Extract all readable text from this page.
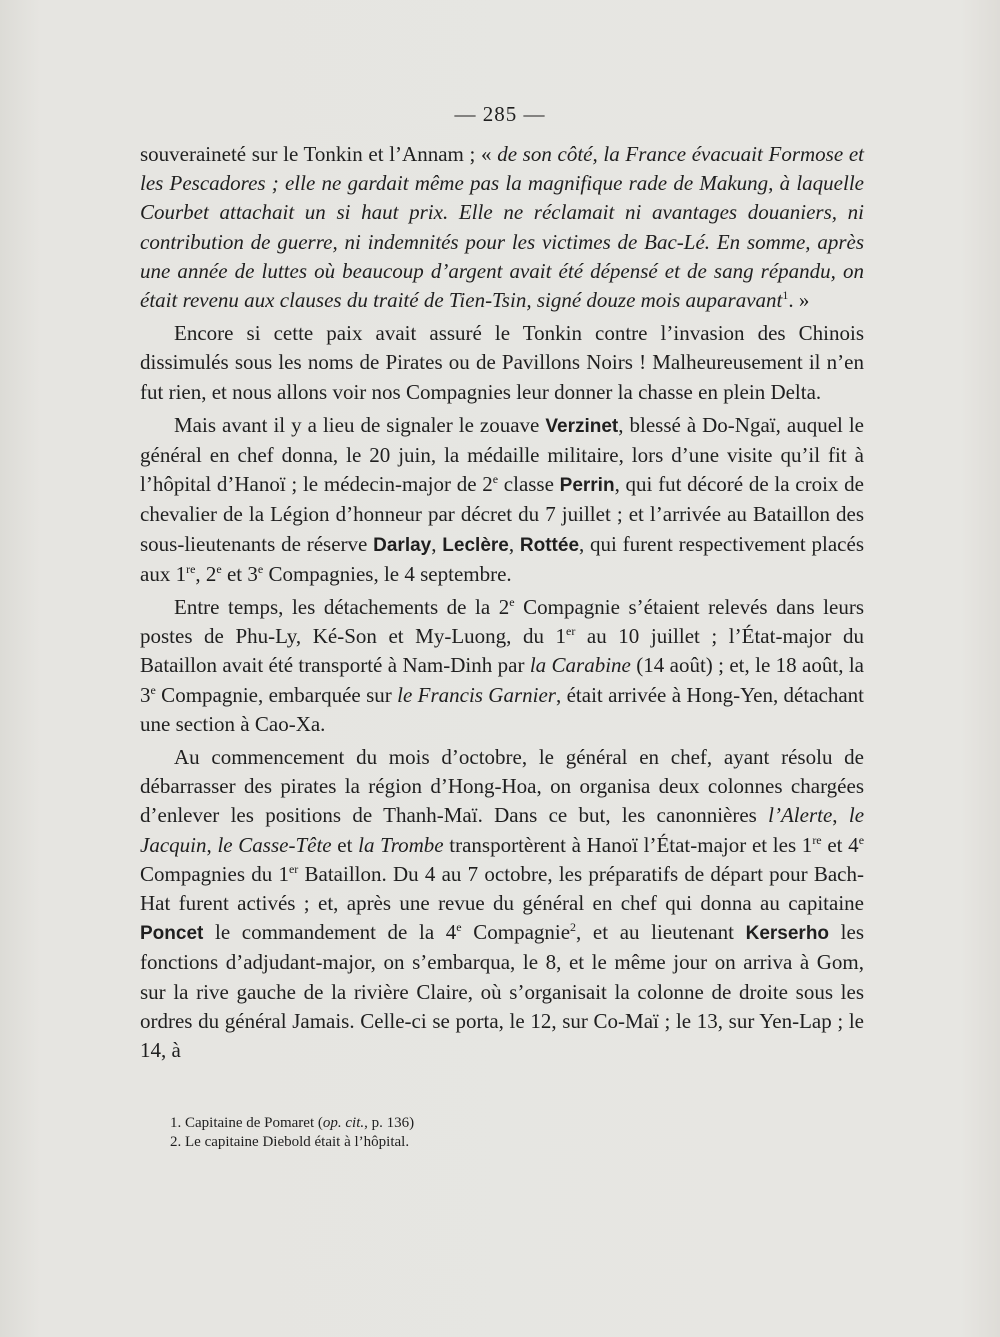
— 285 —

souveraineté sur le Tonkin et l’Annam ; « de son côté, la France évacuait Formose et les Pescadores ; elle ne gardait même pas la magnifique rade de Makung, à laquelle Courbet attachait un si haut prix. Elle ne réclamait ni avantages douaniers, ni contribution de guerre, ni indemnités pour les victimes de Bac-Lé. En somme, après une année de luttes où beaucoup d’argent avait été dépensé et de sang répandu, on était revenu aux clauses du traité de Tien-Tsin, signé douze mois auparavant$^1$. »

Encore si cette paix avait assuré le Tonkin contre l’invasion des Chinois dissimulés sous les noms de Pirates ou de Pavillons Noirs ! Malheureusement il n’en fut rien, et nous allons voir nos Compagnies leur donner la chasse en plein Delta.

Mais avant il y a lieu de signaler le zouave Verzinet, blessé à Do-Ngaï, auquel le général en chef donna, le 20 juin, la médaille militaire, lors d’une visite qu’il fit à l’hôpital d’Hanoï ; le médecin-major de 2e classe Perrin, qui fut décoré de la croix de chevalier de la Légion d’honneur par décret du 7 juillet ; et l’arrivée au Bataillon des sous-lieutenants de réserve Darlay, Leclère, Rottée, qui furent respectivement placés aux 1re, 2e et 3e Compagnies, le 4 septembre.

Entre temps, les détachements de la 2e Compagnie s’étaient relevés dans leurs postes de Phu-Ly, Ké-Son et My-Luong, du 1er au 10 juillet ; l’État-major du Bataillon avait été transporté à Nam-Dinh par la Carabine (14 août) ; et, le 18 août, la 3e Compagnie, embarquée sur le Francis Garnier, était arrivée à Hong-Yen, détachant une section à Cao-Xa.

Au commencement du mois d’octobre, le général en chef, ayant résolu de débarrasser des pirates la région d’Hong-Hoa, on organisa deux colonnes chargées d’enlever les positions de Thanh-Maï. Dans ce but, les canonnières l’Alerte, le Jacquin, le Casse-Tête et la Trombe transportèrent à Hanoï l’État-major et les 1re et 4e Compagnies du 1er Bataillon. Du 4 au 7 octobre, les préparatifs de départ pour Bach-Hat furent activés ; et, après une revue du général en chef qui donna au capitaine Poncet le commandement de la 4e Compagnie$^2$, et au lieutenant Kerserho les fonctions d’adjudant-major, on s’embarqua, le 8, et le même jour on arriva à Gom, sur la rive gauche de la rivière Claire, où s’organisait la colonne de droite sous les ordres du général Jamais. Celle-ci se porta, le 12, sur Co-Maï ; le 13, sur Yen-Lap ; le 14, à

1. Capitaine de Pomaret (op. cit., p. 136)
2. Le capitaine Diebold était à l’hôpital.
